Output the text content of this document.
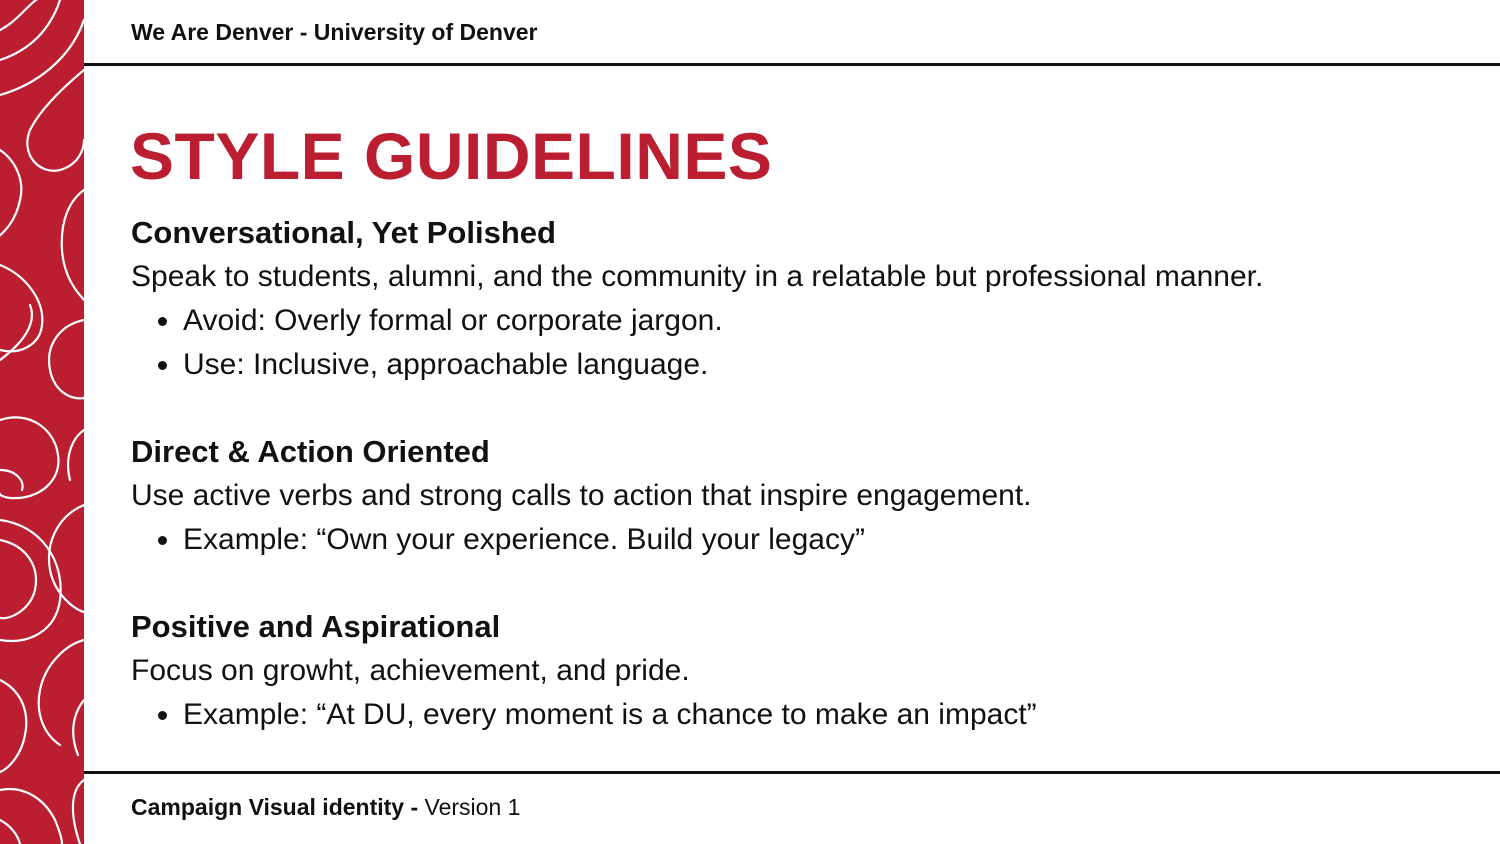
We Are Denver - University of Denver
STYLE GUIDELINES
Conversational, Yet Polished
Speak to students, alumni, and the community in a relatable but professional manner.
Avoid: Overly formal or corporate jargon.
Use: Inclusive, approachable language.
Direct & Action Oriented
Use active verbs and strong calls to action that inspire engagement.
Example: “Own your experience. Build your legacy”
Positive and Aspirational
Focus on growht, achievement, and pride.
Example: “At DU, every moment is a chance to make an impact”
Campaign Visual identity - Version 1
